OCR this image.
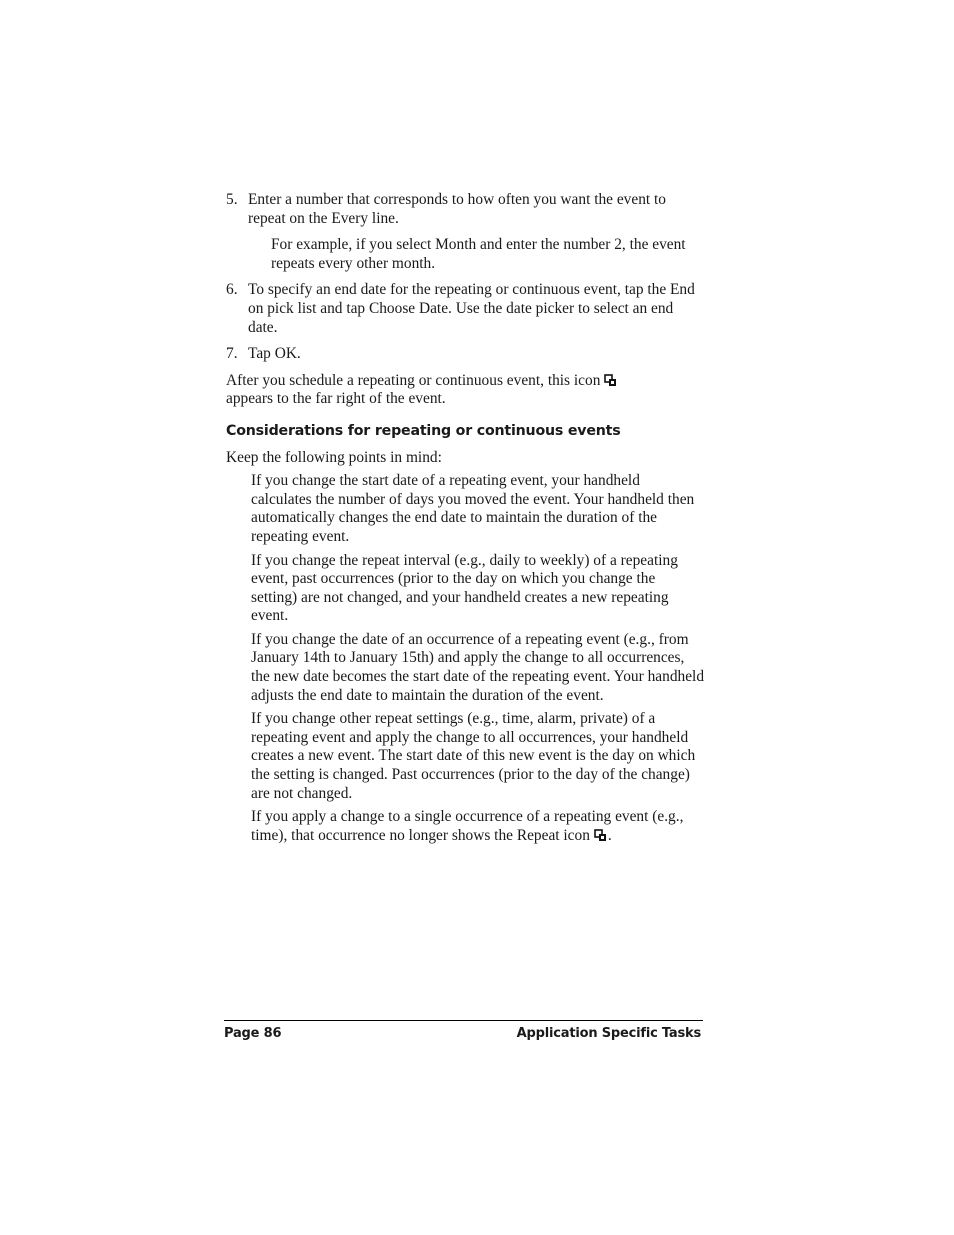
5. Enter a number that corresponds to how often you want the event to repeat on the Every line.
For example, if you select Month and enter the number 2, the event repeats every other month.
6. To specify an end date for the repeating or continuous event, tap the End on pick list and tap Choose Date. Use the date picker to select an end date.
7. Tap OK.
After you schedule a repeating or continuous event, this icon
appears to the far right of the event.
Considerations for repeating or continuous events
Keep the following points in mind:
If you change the start date of a repeating event, your handheld calculates the number of days you moved the event. Your handheld then automatically changes the end date to maintain the duration of the repeating event.
If you change the repeat interval (e.g., daily to weekly) of a repeating event, past occurrences (prior to the day on which you change the setting) are not changed, and your handheld creates a new repeating event.
If you change the date of an occurrence of a repeating event (e.g., from January 14th to January 15th) and apply the change to all occurrences, the new date becomes the start date of the repeating event. Your handheld adjusts the end date to maintain the duration of the event.
If you change other repeat settings (e.g., time, alarm, private) of a repeating event and apply the change to all occurrences, your handheld creates a new event. The start date of this new event is the day on which the setting is changed. Past occurrences (prior to the day of the change) are not changed.
If you apply a change to a single occurrence of a repeating event (e.g., time), that occurrence no longer shows the Repeat icon .
Page 86	Application Specific Tasks
